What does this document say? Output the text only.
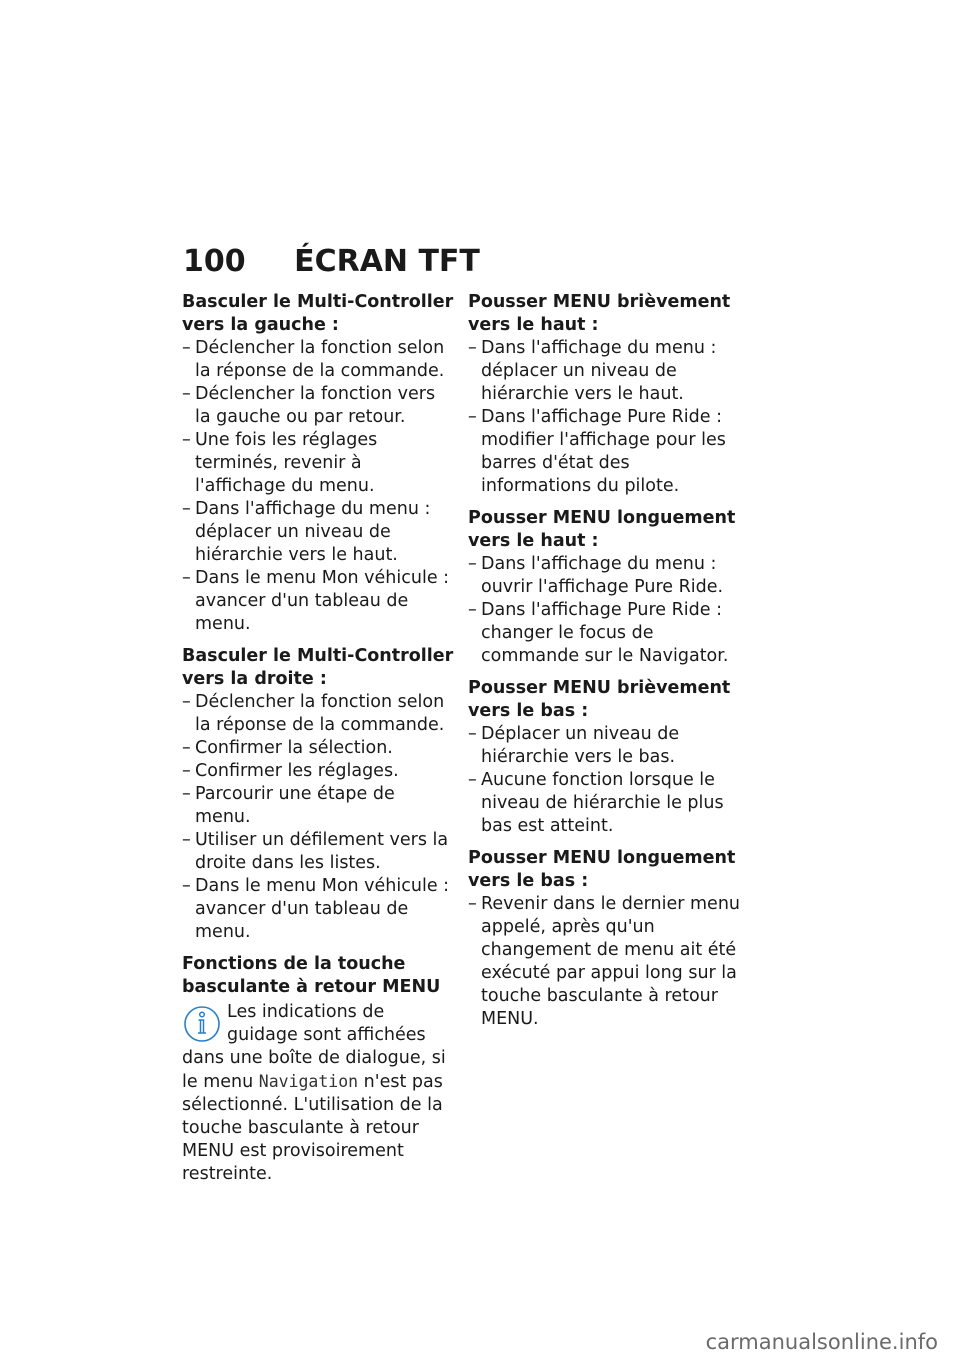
100 ÉCRAN TFT

Basculer le Multi-Controller
vers la gauche :

– Déclencher la fonction selon la réponse de la commande.
– Déclencher la fonction vers la gauche ou par retour.
– Une fois les réglages terminés, revenir à l'affichage du menu.
– Dans l'affichage du menu : déplacer un niveau de hiérarchie vers le haut.
– Dans le menu Mon véhicule : avancer d'un tableau de menu.

Basculer le Multi-Controller
vers la droite :

– Déclencher la fonction selon la réponse de la commande.
– Confirmer la sélection.
– Confirmer les réglages.
– Parcourir une étape de menu.
– Utiliser un défilement vers la droite dans les listes.
– Dans le menu Mon véhicule : avancer d'un tableau de menu.

Fonctions de la touche
basculante à retour MENU

Les indications de guidage sont affichées dans une boîte de dialogue, si le menu Navigation n'est pas sélectionné. L'utilisation de la touche basculante à retour MENU est provisoirement restreinte.

Pousser MENU brièvement
vers le haut :

– Dans l'affichage du menu : déplacer un niveau de hiérarchie vers le haut.
– Dans l'affichage Pure Ride : modifier l'affichage pour les barres d'état des informations du pilote.

Pousser MENU longuement
vers le haut :

– Dans l'affichage du menu : ouvrir l'affichage Pure Ride.
– Dans l'affichage Pure Ride : changer le focus de commande sur le Navigator.

Pousser MENU brièvement
vers le bas :

– Déplacer un niveau de hiérarchie vers le bas.
– Aucune fonction lorsque le niveau de hiérarchie le plus bas est atteint.

Pousser MENU longuement
vers le bas :

– Revenir dans le dernier menu appelé, après qu'un changement de menu ait été exécuté par appui long sur la touche basculante à retour MENU.
carmanualsonline.info
